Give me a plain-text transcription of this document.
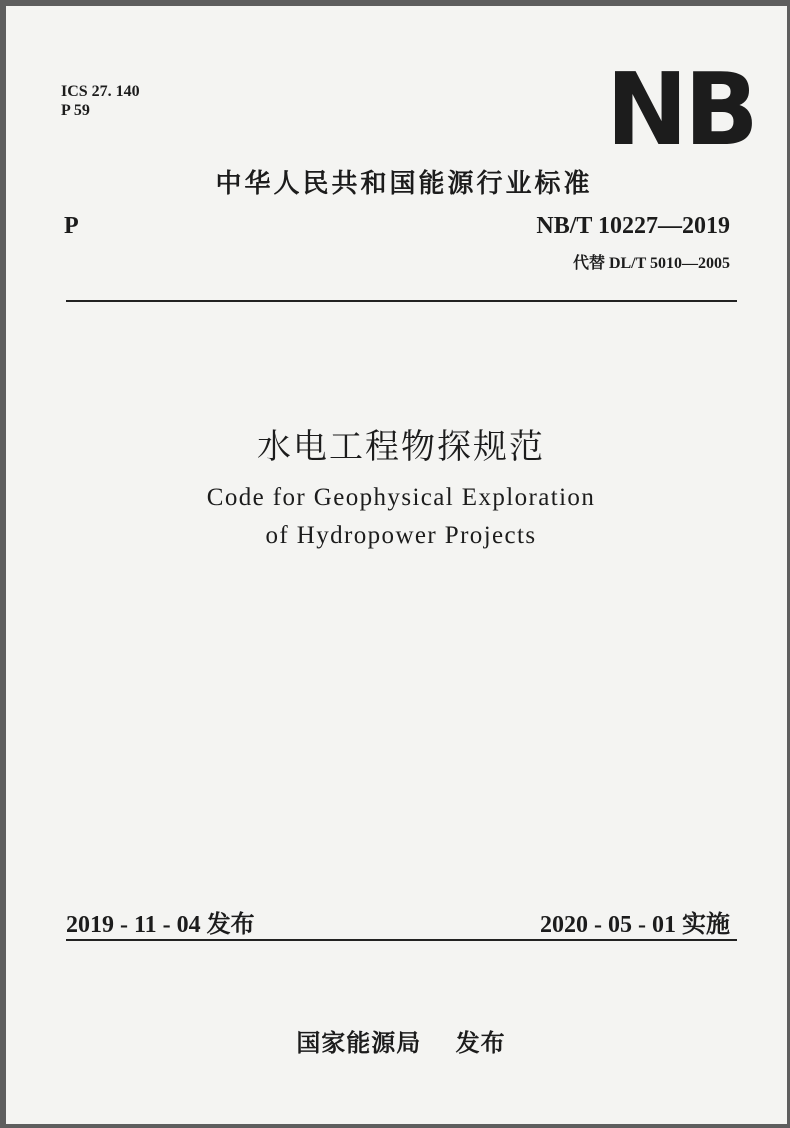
ICS 27. 140
P 59	NB
中华人民共和国能源行业标准
P	NB/T 10227—2019
代替 DL/T 5010—2005
水电工程物探规范
Code for Geophysical Exploration
of Hydropower Projects
2019 - 11 - 04 发布	2020 - 05 - 01 实施
国家能源局　 发布
